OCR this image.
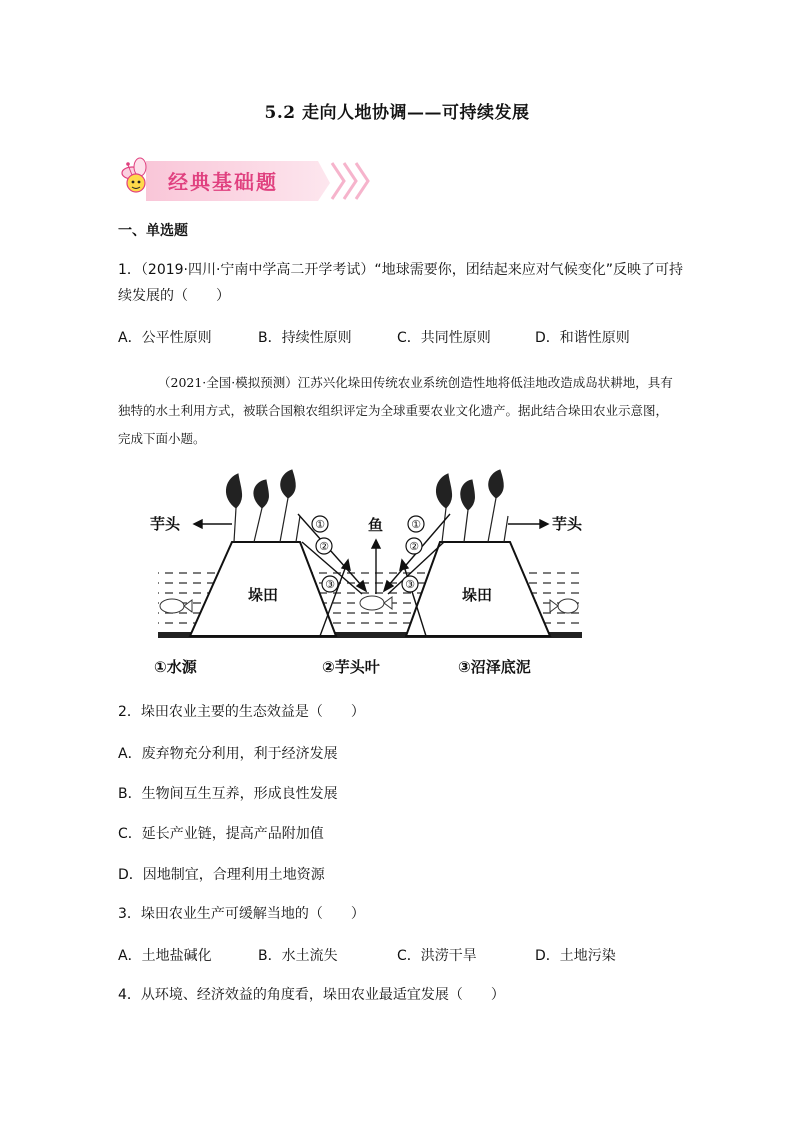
5.2 走向人地协调——可持续发展
经典基础题
一、单选题
1．（2019·四川·宁南中学高二开学考试）“地球需要你，团结起来应对气候变化”反映了可持
续发展的（　　）
A．公平性原则	B．持续性原则	C．共同性原则	D．和谐性原则
（2021·全国·模拟预测）江苏兴化垛田传统农业系统创造性地将低洼地改造成岛状耕地，具有独特的水土利用方式，被联合国粮农组织评定为全球重要农业文化遗产。据此结合垛田农业示意图，完成下面小题。
①
②
③
①
②
③
芋头	芋头
鱼
垛田	垛田
①水源	②芋头叶	③沼泽底泥
2．垛田农业主要的生态效益是（　　）
A．废弃物充分利用，利于经济发展
B．生物间互生互养，形成良性发展
C．延长产业链，提高产品附加值
D．因地制宜，合理利用土地资源
3．垛田农业生产可缓解当地的（　　）
A．土地盐碱化	B．水土流失	C．洪涝干旱	D．土地污染
4．从环境、经济效益的角度看，垛田农业最适宜发展（　　）
